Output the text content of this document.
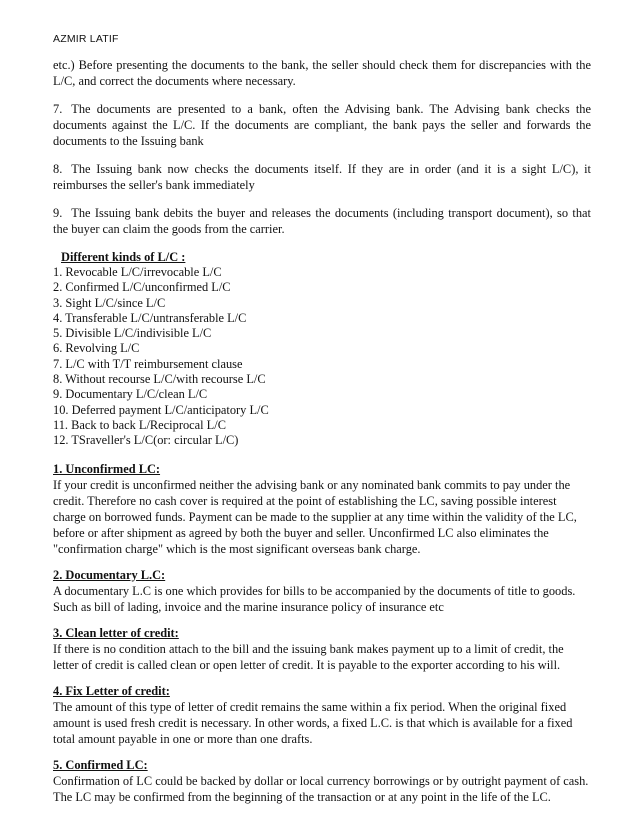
AZMIR LATIF

etc.) Before presenting the documents to the bank, the seller should check them for discrepancies with the L/C, and correct the documents where necessary.

7. The documents are presented to a bank, often the Advising bank. The Advising bank checks the documents against the L/C. If the documents are compliant, the bank pays the seller and forwards the documents to the Issuing bank

8. The Issuing bank now checks the documents itself. If they are in order (and it is a sight L/C), it reimburses the seller's bank immediately

9. The Issuing bank debits the buyer and releases the documents (including transport document), so that the buyer can claim the goods from the carrier.

Different kinds of L/C :

1. Revocable L/C/irrevocable L/C
2. Confirmed L/C/unconfirmed L/C
3. Sight L/C/since L/C
4. Transferable L/C/untransferable L/C
5. Divisible L/C/indivisible L/C
6. Revolving L/C
7. L/C with T/T reimbursement clause
8. Without recourse L/C/with recourse L/C
9. Documentary L/C/clean L/C
10. Deferred payment L/C/anticipatory L/C
11. Back to back L/Reciprocal L/C
12. TSraveller's L/C(or: circular L/C)

1. Unconfirmed LC:

If your credit is unconfirmed neither the advising bank or any nominated bank commits to pay under the credit. Therefore no cash cover is required at the point of establishing the LC, saving possible interest charge on borrowed funds. Payment can be made to the supplier at any time within the validity of the LC, before or after shipment as agreed by both the buyer and seller. Unconfirmed LC also eliminates the "confirmation charge" which is the most significant overseas bank charge.

2. Documentary L.C:

A documentary L.C is one which provides for bills to be accompanied by the documents of title to goods. Such as bill of lading, invoice and the marine insurance policy of insurance etc

3. Clean letter of credit:

If there is no condition attach to the bill and the issuing bank makes payment up to a limit of credit, the letter of credit is called clean or open letter of credit. It is payable to the exporter according to his will.

4. Fix Letter of credit:

The amount of this type of letter of credit remains the same within a fix period. When the original fixed amount is used fresh credit is necessary. In other words, a fixed L.C. is that which is available for a fixed total amount payable in one or more than one drafts.

5. Confirmed LC:

Confirmation of LC could be backed by dollar or local currency borrowings or by outright payment of cash. The LC may be confirmed from the beginning of the transaction or at any point in the life of the LC.
